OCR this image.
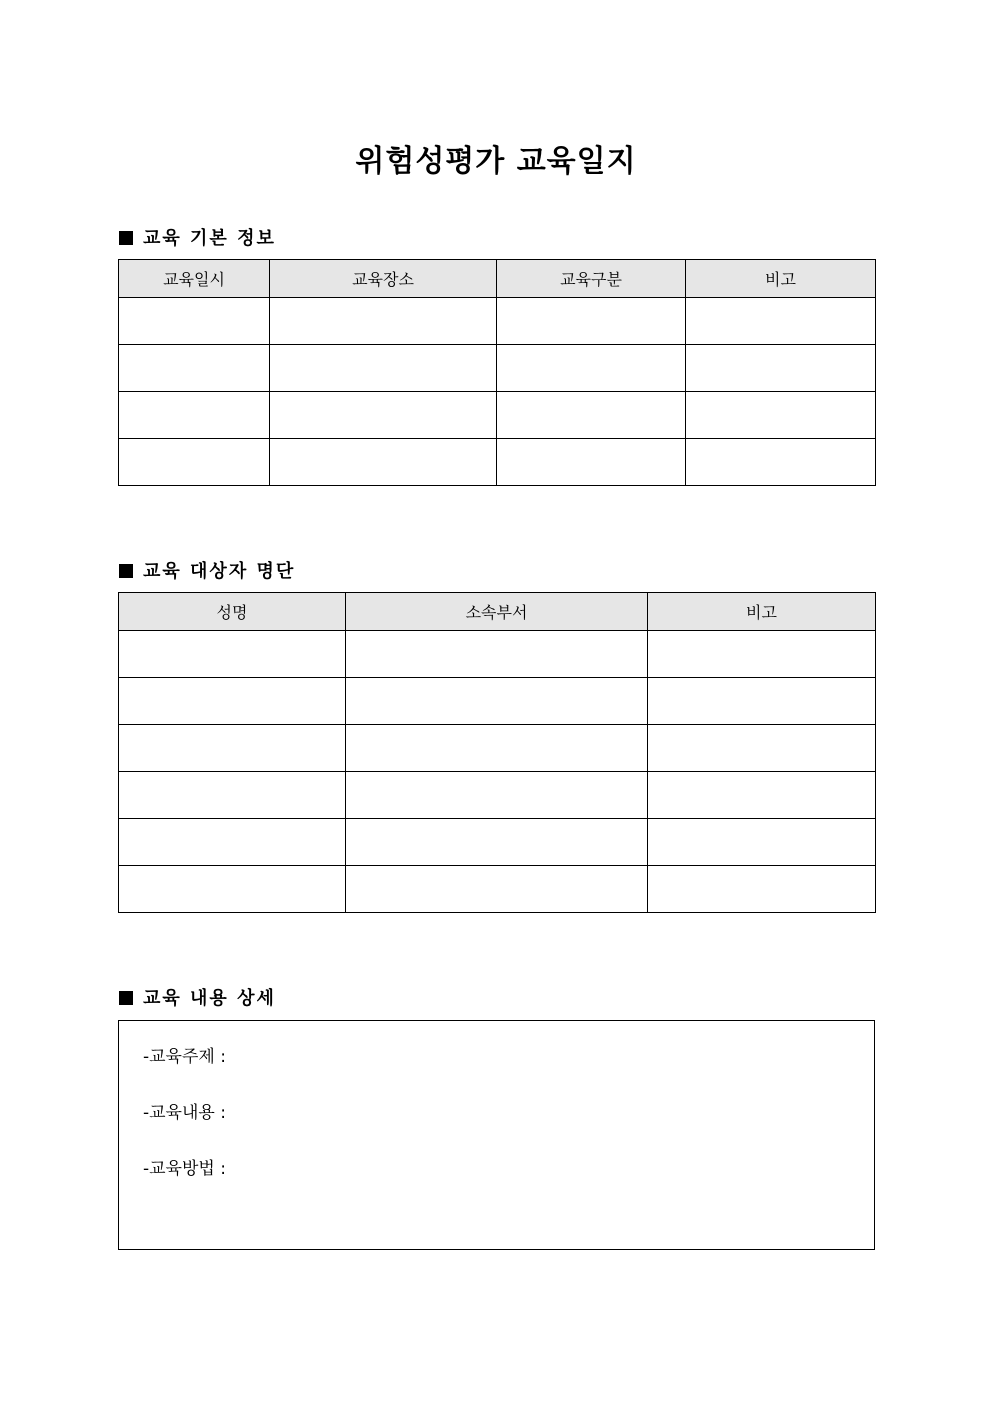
위험성평가 교육일지
교육 기본 정보
교육일시	교육장소	교육구분	비고

교육 대상자 명단
성명	소속부서	비고

교육 내용 상세
-교육주제 :
-교육내용 :
-교육방법 :
